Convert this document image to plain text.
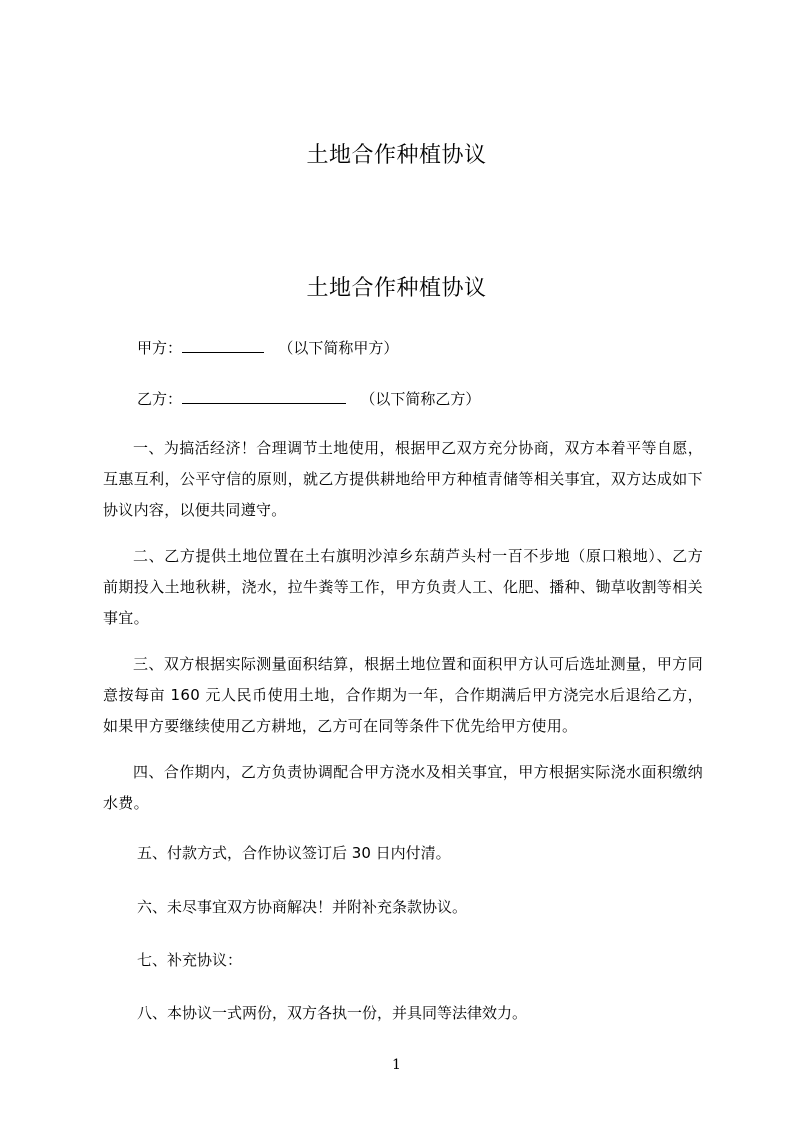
土地合作种植协议
土地合作种植协议
甲方：	（以下简称甲方）
乙方：	（以下简称乙方）
一、为搞活经济！合理调节土地使用，根据甲乙双方充分协商，双方本着平等自愿，互惠互利，公平守信的原则，就乙方提供耕地给甲方种植青储等相关事宜，双方达成如下协议内容，以便共同遵守。
二、乙方提供土地位置在土右旗明沙淖乡东葫芦头村一百不步地（原口粮地）、乙方前期投入土地秋耕，浇水，拉牛粪等工作，甲方负责人工、化肥、播种、锄草收割等相关事宜。
三、双方根据实际测量面积结算，根据土地位置和面积甲方认可后选址测量，甲方同意按每亩 160 元人民币使用土地，合作期为一年，合作期满后甲方浇完水后退给乙方，如果甲方要继续使用乙方耕地，乙方可在同等条件下优先给甲方使用。
四、合作期内，乙方负责协调配合甲方浇水及相关事宜，甲方根据实际浇水面积缴纳水费。
五、付款方式，合作协议签订后 30 日内付清。
六、未尽事宜双方协商解决！并附补充条款协议。
七、补充协议：
八、本协议一式两份，双方各执一份，并具同等法律效力。
1
